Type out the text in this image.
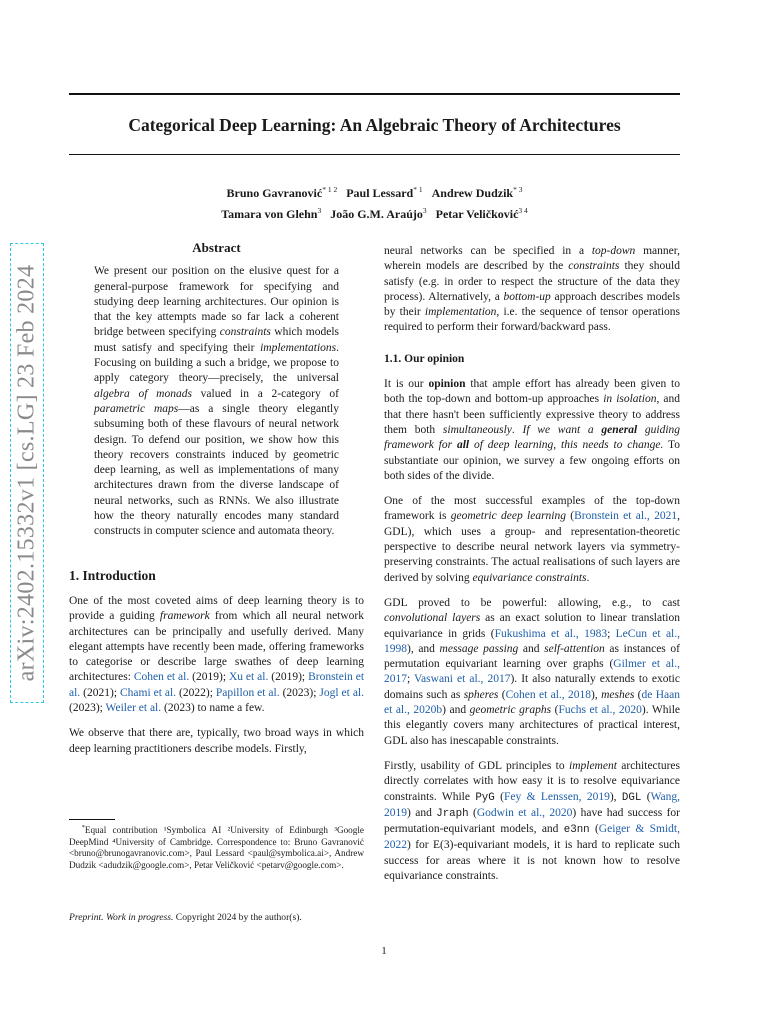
Categorical Deep Learning: An Algebraic Theory of Architectures
Bruno Gavranović$^{* 1 2}$ Paul Lessard$^{* 1}$ Andrew Dudzik$^{* 3}$
Tamara von Glehn$^3$ João G.M. Araújo$^3$ Petar Veličković$^{3 4}$
arXiv:2402.15332v1 [cs.LG] 23 Feb 2024
Abstract
We present our position on the elusive quest for a general-purpose framework for specifying and studying deep learning architectures. Our opinion is that the key attempts made so far lack a coherent bridge between specifying constraints which models must satisfy and specifying their implementations. Focusing on building a such a bridge, we propose to apply category theory—precisely, the universal algebra of monads valued in a 2-category of parametric maps—as a single theory elegantly subsuming both of these flavours of neural network design. To defend our position, we show how this theory recovers constraints induced by geometric deep learning, as well as implementations of many architectures drawn from the diverse landscape of neural networks, such as RNNs. We also illustrate how the theory naturally encodes many standard constructs in computer science and automata theory.
1. Introduction

One of the most coveted aims of deep learning theory is to provide a guiding framework from which all neural network architectures can be principally and usefully derived. Many elegant attempts have recently been made, offering frameworks to categorise or describe large swathes of deep learning architectures: Cohen et al. (2019); Xu et al. (2019); Bronstein et al. (2021); Chami et al. (2022); Papillon et al. (2023); Jogl et al. (2023); Weiler et al. (2023) to name a few.

We observe that there are, typically, two broad ways in which deep learning practitioners describe models. Firstly,

*Equal contribution ¹Symbolica AI ²University of Edinburgh ³Google DeepMind ⁴University of Cambridge. Correspondence to: Bruno Gavranović <bruno@brunogavranovic.com>, Paul Lessard <paul@symbolica.ai>, Andrew Dudzik <adudzik@google.com>, Petar Veličković <petarv@google.com>.
Preprint. Work in progress. Copyright 2024 by the author(s).

neural networks can be specified in a top-down manner, wherein models are described by the constraints they should satisfy (e.g. in order to respect the structure of the data they process). Alternatively, a bottom-up approach describes models by their implementation, i.e. the sequence of tensor operations required to perform their forward/backward pass.

1.1. Our opinion

It is our opinion that ample effort has already been given to both the top-down and bottom-up approaches in isolation, and that there hasn't been sufficiently expressive theory to address them both simultaneously. If we want a general guiding framework for all of deep learning, this needs to change. To substantiate our opinion, we survey a few ongoing efforts on both sides of the divide.

One of the most successful examples of the top-down framework is geometric deep learning (Bronstein et al., 2021, GDL), which uses a group- and representation-theoretic perspective to describe neural network layers via symmetry-preserving constraints. The actual realisations of such layers are derived by solving equivariance constraints.

GDL proved to be powerful: allowing, e.g., to cast convolutional layers as an exact solution to linear translation equivariance in grids (Fukushima et al., 1983; LeCun et al., 1998), and message passing and self-attention as instances of permutation equivariant learning over graphs (Gilmer et al., 2017; Vaswani et al., 2017). It also naturally extends to exotic domains such as spheres (Cohen et al., 2018), meshes (de Haan et al., 2020b) and geometric graphs (Fuchs et al., 2020). While this elegantly covers many architectures of practical interest, GDL also has inescapable constraints.

Firstly, usability of GDL principles to implement architectures directly correlates with how easy it is to resolve equivariance constraints. While PyG (Fey & Lenssen, 2019), DGL (Wang, 2019) and Jraph (Godwin et al., 2020) have had success for permutation-equivariant models, and e3nn (Geiger & Smidt, 2022) for E(3)-equivariant models, it is hard to replicate such success for areas where it is not known how to resolve equivariance constraints.

1
